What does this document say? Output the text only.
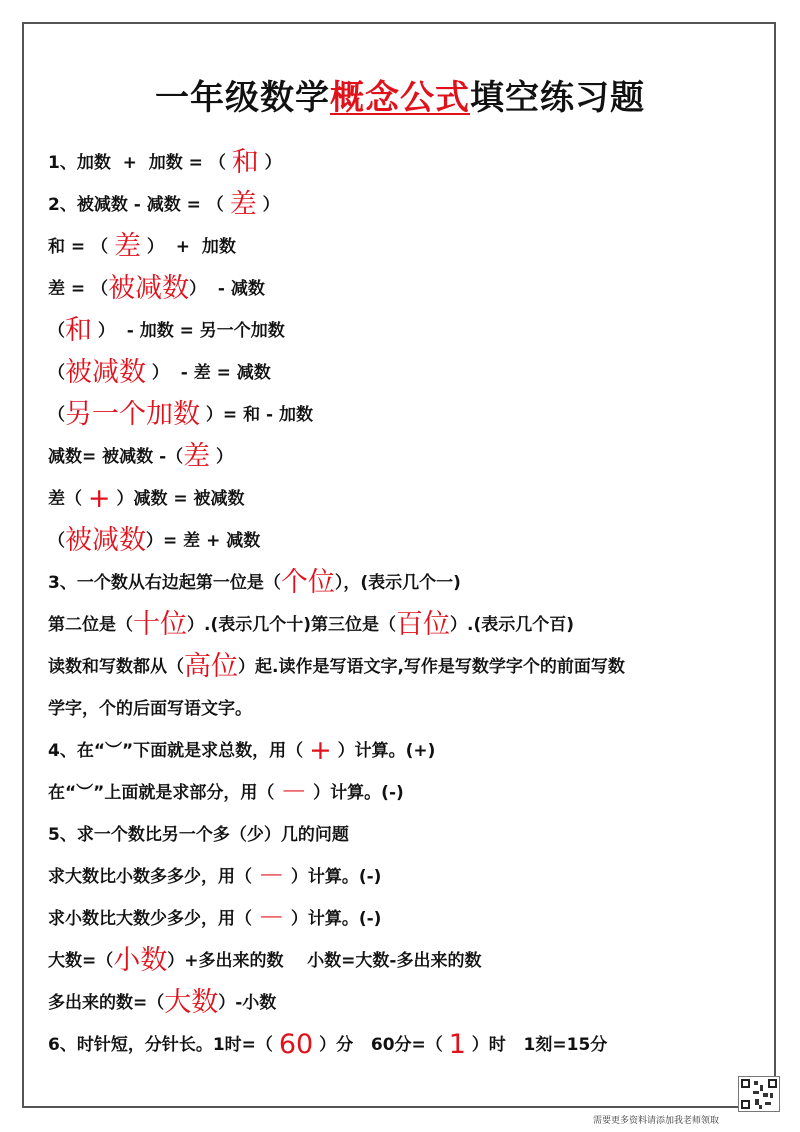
一年级数学概念公式填空练习题
1、加数  +  加数 = （ 和 ）
2、被减数 - 减数 = （ 差 ）
和 = （ 差 ）  +  加数
差 = （ 被减数 ）  - 减数
（ 和 ）  - 加数 = 另一个加数
（ 被减数 ）  - 差 = 减数
（ 另一个加数 ）= 和 - 加数
减数= 被减数 -（ 差 ）
差（ + ）减数 = 被减数
（ 被减数 ）= 差 + 减数
3、一个数从右边起第一位是（ 个位 ），(表示几个一)
第二位是（ 十位 ）.(表示几个十)第三位是（ 百位 ）.(表示几个百)
读数和写数都从（ 高位 ）起.读作是写语文字,写作是写数学字个的前面写数
学字，个的后面写语文字。
4、在“︶”下面就是求总数，用（ + ）计算。(+)
在“︶”上面就是求部分，用（ － ）计算。(-)
5、求一个数比另一个多（少）几的问题
求大数比小数多多少，用（ － ）计算。(-)
求小数比大数少多少，用（ － ）计算。(-)
大数=（ 小数 ）+多出来的数    小数=大数-多出来的数
多出来的数=（ 大数 ）-小数
6、时针短，分针长。1时=（ 60 ）分   60分=（ 1 ）时   1刻=15分
需要更多资料请添加我老师领取
